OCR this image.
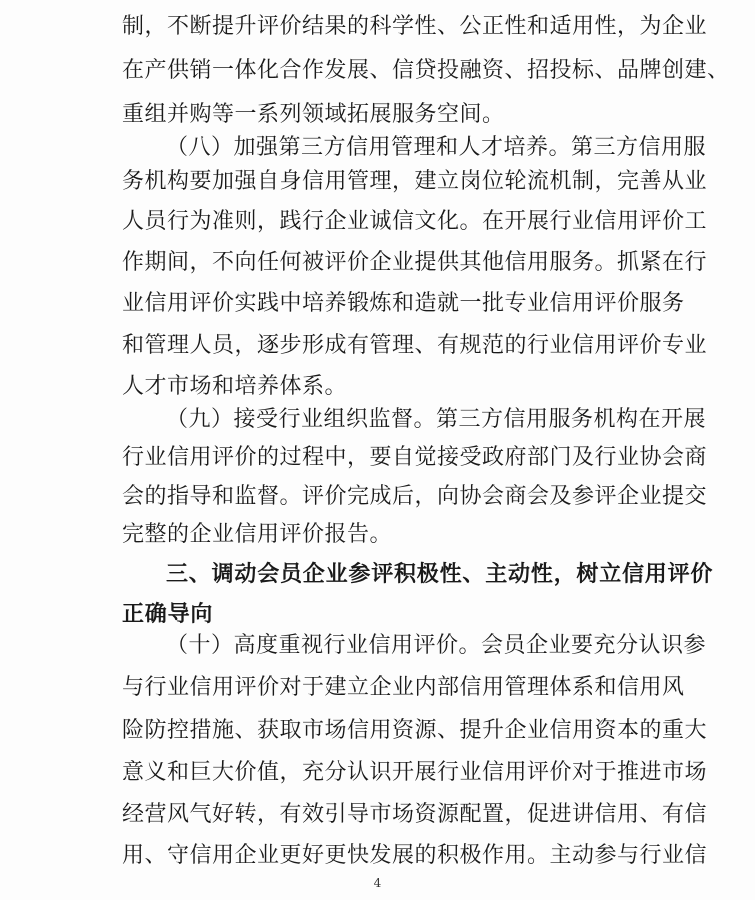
制，不断提升评价结果的科学性、公正性和适用性，为企业
在产供销一体化合作发展、信贷投融资、招投标、品牌创建、
重组并购等一系列领域拓展服务空间。
（八）加强第三方信用管理和人才培养。第三方信用服
务机构要加强自身信用管理，建立岗位轮流机制，完善从业
人员行为准则，践行企业诚信文化。在开展行业信用评价工
作期间，不向任何被评价企业提供其他信用服务。抓紧在行
业信用评价实践中培养锻炼和造就一批专业信用评价服务
和管理人员，逐步形成有管理、有规范的行业信用评价专业
人才市场和培养体系。
（九）接受行业组织监督。第三方信用服务机构在开展
行业信用评价的过程中，要自觉接受政府部门及行业协会商
会的指导和监督。评价完成后，向协会商会及参评企业提交
完整的企业信用评价报告。
三、调动会员企业参评积极性、主动性，树立信用评价
正确导向
（十）高度重视行业信用评价。会员企业要充分认识参
与行业信用评价对于建立企业内部信用管理体系和信用风
险防控措施、获取市场信用资源、提升企业信用资本的重大
意义和巨大价值，充分认识开展行业信用评价对于推进市场
经营风气好转，有效引导市场资源配置，促进讲信用、有信
用、守信用企业更好更快发展的积极作用。主动参与行业信
4
